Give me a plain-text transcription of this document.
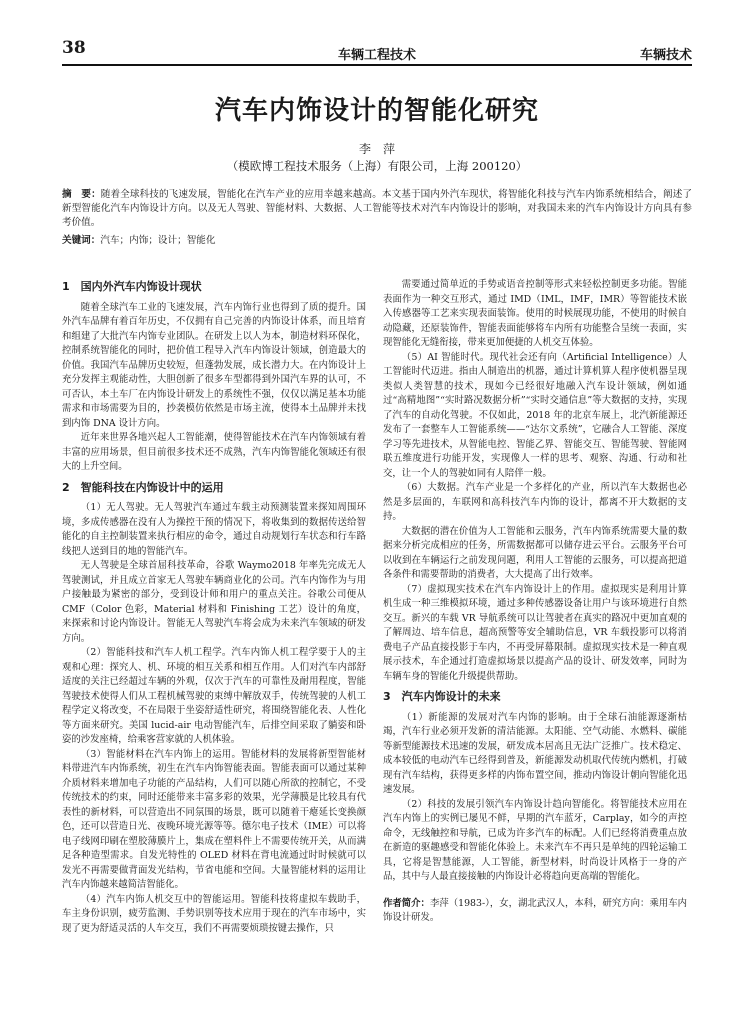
38	车辆工程技术	车辆技术
汽车内饰设计的智能化研究
李　萍
（模欧博工程技术服务（上海）有限公司，上海 200120）
摘　要：随着全球科技的飞速发展，智能化在汽车产业的应用幸越来越高。本文基于国内外汽车现状，将智能化科技与汽车内饰系统相结合，阐述了新型智能化汽车内饰设计方向。以及无人驾驶、智能材料、大数据、人工智能等技术对汽车内饰设计的影响，对我国未来的汽车内饰设计方向具有参考价值。
关键词：汽车；内饰；设计；智能化
1　国内外汽车内饰设计现状

随着全球汽车工业的飞速发展，汽车内饰行业也得到了质的提升。国外汽车品牌有着百年历史，不仅拥有自己完善的内饰设计体系，而且培育和组建了大批汽车内饰专业团队。在研发上以人为本，制造材料环保化，控制系统智能化的同时，把价值工程导入汽车内饰设计领域，创造最大的价值。我国汽车品牌历史较短，但蓬勃发展，成长潜力大。在内饰设计上充分发挥主观能动性，大胆创新了很多车型都得到外国汽车界的认可，不可否认，本土车厂在内饰设计研发上的系统性不强，仅仅以满足基本功能需求和市场需要为目的，抄袭模仿依然是市场主流，使得本土品牌并未找到内饰 DNA 设计方向。

近年来世界各地兴起人工智能潮，使得智能技术在汽车内饰领域有着丰富的应用场景，但目前很多技术还不成熟，汽车内饰智能化领域还有很大的上升空间。

2　智能科技在内饰设计中的运用

（1）无人驾驶。无人驾驶汽车通过车载主动预测装置来探知周围环境，多成传感器在没有人为操控干预的情况下，将收集到的数据传送给智能化的自主控制装置来执行相应的命令，通过自动规划行车状态和行车路线把人送到目的地的智能汽车。

无人驾驶是全球首屈科技革命，谷歌 Waymo2018 年率先完成无人驾驶测试，并且成立首家无人驾驶车辆商业化的公司。汽车内饰作为与用户接触最为紧密的部分，受到设计师和用户的重点关注。谷歌公司便从 CMF（Color 色彩，Material 材料和 Finishing 工艺）设计的角度，来探索和讨论内饰设计。智能无人驾驶汽车将会成为未来汽车领域的研发方向。

（2）智能科技和汽车人机工程学。汽车内饰人机工程学要于人的主观和心理：探究人、机、环境的相互关系和相互作用。人们对汽车内部舒适度的关注已经超过车辆的外观，仅次于汽车的可靠性及耐用程度，智能驾驶技术使得人们从工程机械驾驶的束缚中解放双手，传统驾驶的人机工程学定义将改变，不在局限于坐姿舒适性研究，将围绕智能化表、人性化等方面来研究。美国 lucid-air 电动智能汽车，后排空间采取了躺姿和卧姿的沙发座椅，给乘客营家就的人机体验。

（3）智能材料在汽车内饰上的运用。智能材料的发展将新型智能材料带进汽车内饰系统，初生在汽车内饰智能表面。智能表面可以通过某种介质材料来增加电子功能的产品结构，人们可以随心所欲的控制它，不受传统技术的约束，同时还能带来丰富多彩的效果，光学薄膜是比较具有代表性的新材料，可以营造出不同氛围的场景，既可以随着干瘪延长变换颜色，还可以营造日光、夜晚环境光源等等。德尔电子技术（IME）可以将电子线网印刷在塑胶薄膜片上，集成在塑料件上不需要传统开关，从而满足各种造型需求。自发光特性的 OLED 材料在背电流通过时时候就可以发光不再需要做背面发光结构，节省电能和空间。大量智能材料的运用让汽车内饰越来越简洁智能化。

（4）汽车内饰人机交互中的智能运用。智能科技将虚拟车载助手，车主身份识别，疲劳监测、手势识别等技术应用于现在的汽车市场中，实现了更为舒适灵活的人车交互，我们不再需要烦琐按键去操作，只

需要通过简单近的手势或语音控制等形式来轻松控制更多功能。智能表面作为一种交互形式，通过 IMD（IML，IMF，IMR）等智能技术嵌入传感器等工艺来实现表面装饰。使用的时候展现功能，不使用的时候自动隐藏，还原装饰件，智能表面能够将车内所有功能整合呈统一表面，实现智能化无缝衔接，带来更加便捷的人机交互体验。

（5）AI 智能时代。现代社会还有向（Artificial Intelligence）人工智能时代迈进。指由人制造出的机器，通过计算机算人程序使机器呈现类似人类智慧的技术，现如今已经很好地融入汽车设计领域，例如通过“高精地图”“实时路况数据分析”“实时交通信息”等大数据的支持，实现了汽车的自动化驾驶。不仅如此，2018 年的北京车展上，北汽新能源还发布了一套整车人工智能系统——“达尔文系统”，它融合人工智能、深度学习等先进技术，从智能电控、智能乙界、智能交互、智能驾驶、智能网联五维度进行功能开发，实现像人一样的思考、观察、沟通、行动和社交，让一个人的驾驶如同有人陪伴一般。

（6）大数据。汽车产业是一个多样化的产业，所以汽车大数据也必然是多层面的，车联网和高科技汽车内饰的设计，都离不开大数据的支持。

大数据的潜在价值为人工智能和云服务，汽车内饰系统需要大量的数据来分析完成相应的任务，所需数据都可以储存进云平台。云服务平台可以收到在车辆运行之前发现问题，利用人工智能的云服务，可以提高把道各条件和需要帮助的消费者，大大提高了出行效率。

（7）虚拟现实技术在汽车内饰设计上的作用。虚拟现实是利用计算机生成一种三维模拟环境，通过多种传感器设备让用户与该环境进行自然交互。新兴的车载 VR 导航系统可以让驾驶者在真实的路况中更加直观的了解周边、培车信息，超高预警等安全辅助信息，VR 车载投影可以将消费电子产品直接投影于车内，不再受屏幕限制。虚拟现实技术是一种直观展示技术，车企通过打造虚拟场景以提高产品的设计、研发效率，同时为车辆车身的智能化升级提供帮助。

3　汽车内饰设计的未来

（1）新能源的发展对汽车内饰的影响。由于全球石油能源逐渐枯竭，汽车行业必须开发新的清洁能源。太阳能、空气动能、水燃料、碳能等新型能源技术迅速的发展，研发成本居高且无法广泛推广。技术稳定、成本较低的电动汽车已经得到普及，新能源发动机取代传统内燃机，打破现有汽车结构，获得更多样的内饰布置空间，推动内饰设计朝向智能化迅速发展。

（2）科技的发展引领汽车内饰设计趋向智能化。将智能技术应用在汽车内饰上的实例已屡见不鲜，早期的汽车蓝牙，Carplay，如今的声控命令，无线触控和导航，已成为许多汽车的标配。人们已经将消费重点放在新造的驱趣感受和智能化体验上。未来汽车不再只是单纯的四轮运输工具，它将是智慧能源，人工智能，新型材料，时尚设计风格于一身的产品，其中与人最直接接触的内饰设计必将趋向更高端的智能化。

作者简介：李萍（1983-），女，湖北武汉人，本科，研究方向：乘用车内饰设计研发。
